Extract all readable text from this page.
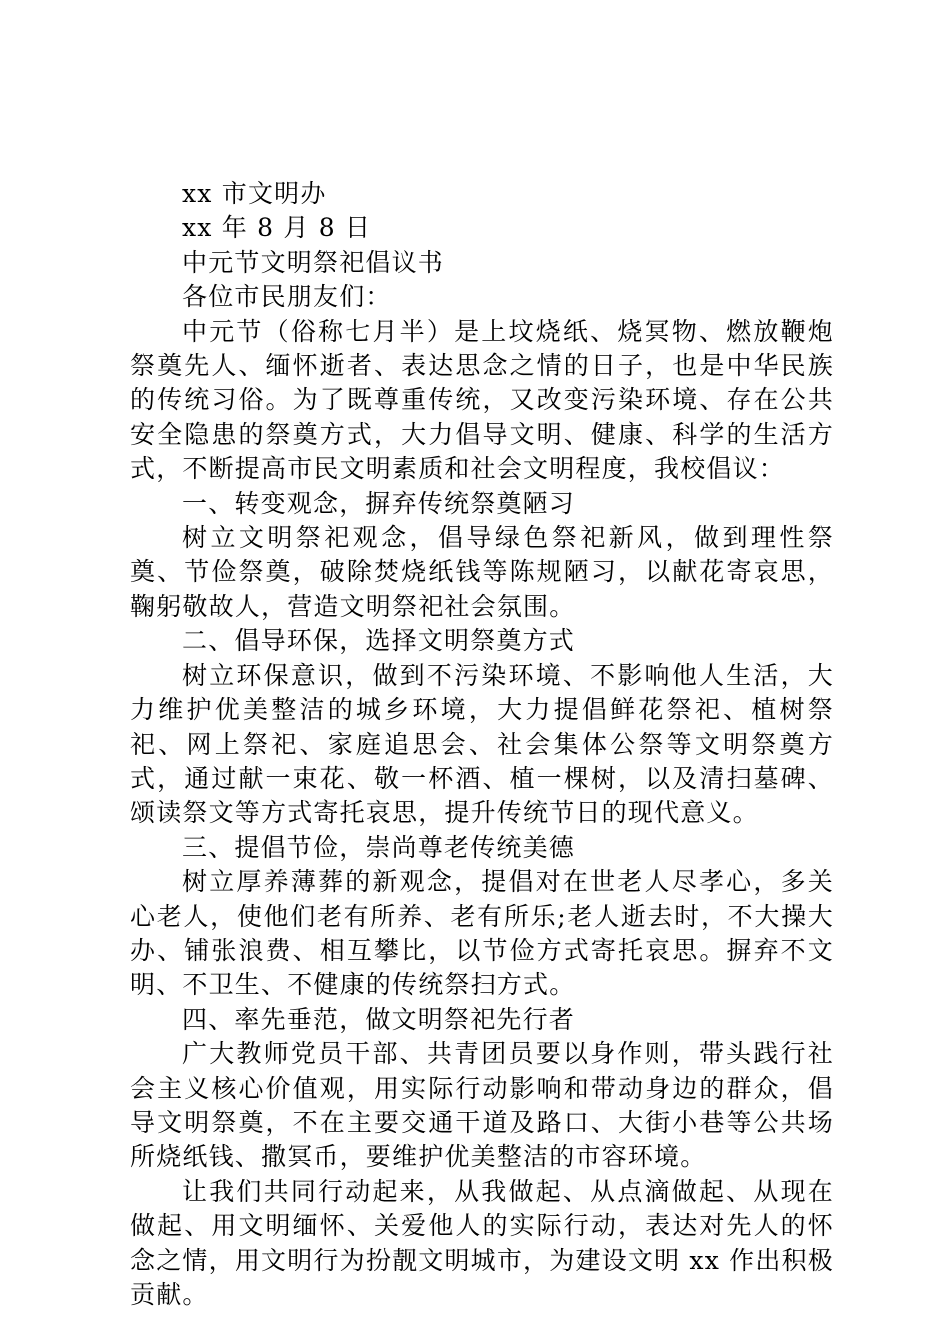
xx 市文明办

xx 年 8 月 8 日

中元节文明祭祀倡议书

各位市民朋友们：

中元节（俗称七月半）是上坟烧纸、烧冥物、燃放鞭炮祭奠先人、缅怀逝者、表达思念之情的日子，也是中华民族的传统习俗。为了既尊重传统，又改变污染环境、存在公共安全隐患的祭奠方式，大力倡导文明、健康、科学的生活方式，不断提高市民文明素质和社会文明程度，我校倡议：

一、转变观念，摒弃传统祭奠陋习

树立文明祭祀观念，倡导绿色祭祀新风，做到理性祭奠、节俭祭奠，破除焚烧纸钱等陈规陋习，以献花寄哀思，鞠躬敬故人，营造文明祭祀社会氛围。

二、倡导环保，选择文明祭奠方式

树立环保意识，做到不污染环境、不影响他人生活，大力维护优美整洁的城乡环境，大力提倡鲜花祭祀、植树祭祀、网上祭祀、家庭追思会、社会集体公祭等文明祭奠方式，通过献一束花、敬一杯酒、植一棵树，以及清扫墓碑、颂读祭文等方式寄托哀思，提升传统节日的现代意义。

三、提倡节俭，崇尚尊老传统美德

树立厚养薄葬的新观念，提倡对在世老人尽孝心，多关心老人，使他们老有所养、老有所乐;老人逝去时，不大操大办、铺张浪费、相互攀比，以节俭方式寄托哀思。摒弃不文明、不卫生、不健康的传统祭扫方式。

四、率先垂范，做文明祭祀先行者

广大教师党员干部、共青团员要以身作则，带头践行社会主义核心价值观，用实际行动影响和带动身边的群众，倡导文明祭奠，不在主要交通干道及路口、大街小巷等公共场所烧纸钱、撒冥币，要维护优美整洁的市容环境。

让我们共同行动起来，从我做起、从点滴做起、从现在做起、用文明缅怀、关爱他人的实际行动，表达对先人的怀念之情，用文明行为扮靓文明城市，为建设文明 xx 作出积极贡献。
